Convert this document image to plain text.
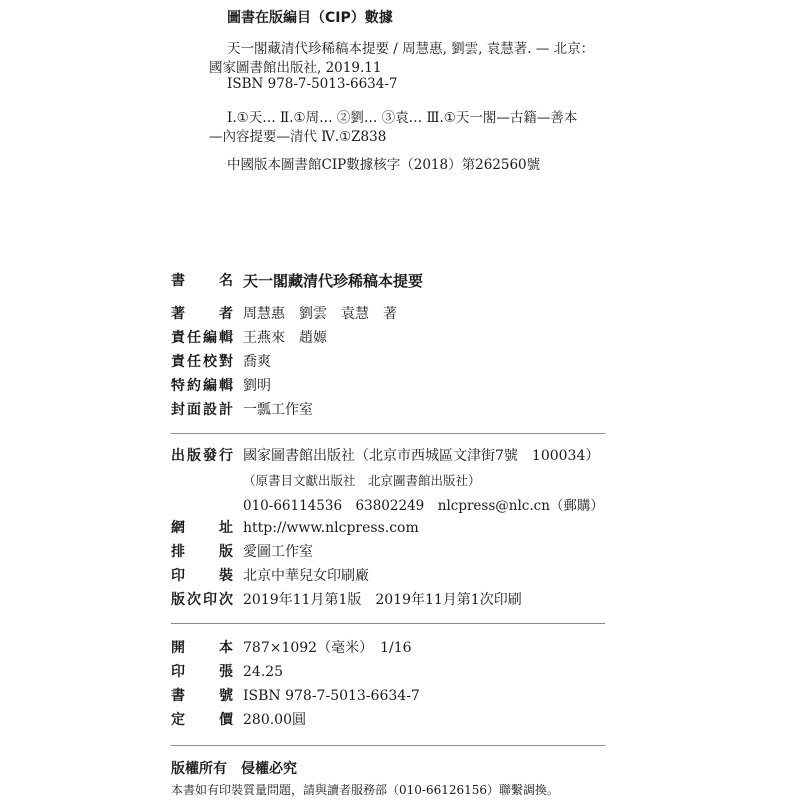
圖書在版編目（CIP）數據
天一閣藏清代珍稀稿本提要 / 周慧惠, 劉雲, 袁慧著. — 北京：
國家圖書館出版社, 2019.11
ISBN 978-7-5013-6634-7
Ⅰ.①天… Ⅱ.①周… ②劉… ③袁… Ⅲ.①天一閣—古籍—善本
—內容提要—清代 Ⅳ.①Z838
中國版本圖書館CIP數據核字（2018）第262560號
書名 天一閣藏清代珍稀稿本提要
著者 周慧惠　劉雲　袁慧　著
責任編輯 王燕來　趙嫄
責任校對 喬爽
特約編輯 劉明
封面設計 一瓢工作室
出版發行 國家圖書館出版社（北京市西城區文津街7號　100034）
（原書目文獻出版社　北京圖書館出版社）
010-66114536　63802249　nlcpress@nlc.cn（郵購）
網址 http://www.nlcpress.com
排版 愛圖工作室
印裝 北京中華兒女印刷廠
版次印次 2019年11月第1版　2019年11月第1次印刷
開本 787×1092（毫米）　1/16
印張 24.25
書號 ISBN 978-7-5013-6634-7
定價 280.00圓
版權所有　侵權必究
本書如有印裝質量問題，請與讀者服務部（010-66126156）聯繫調換。
